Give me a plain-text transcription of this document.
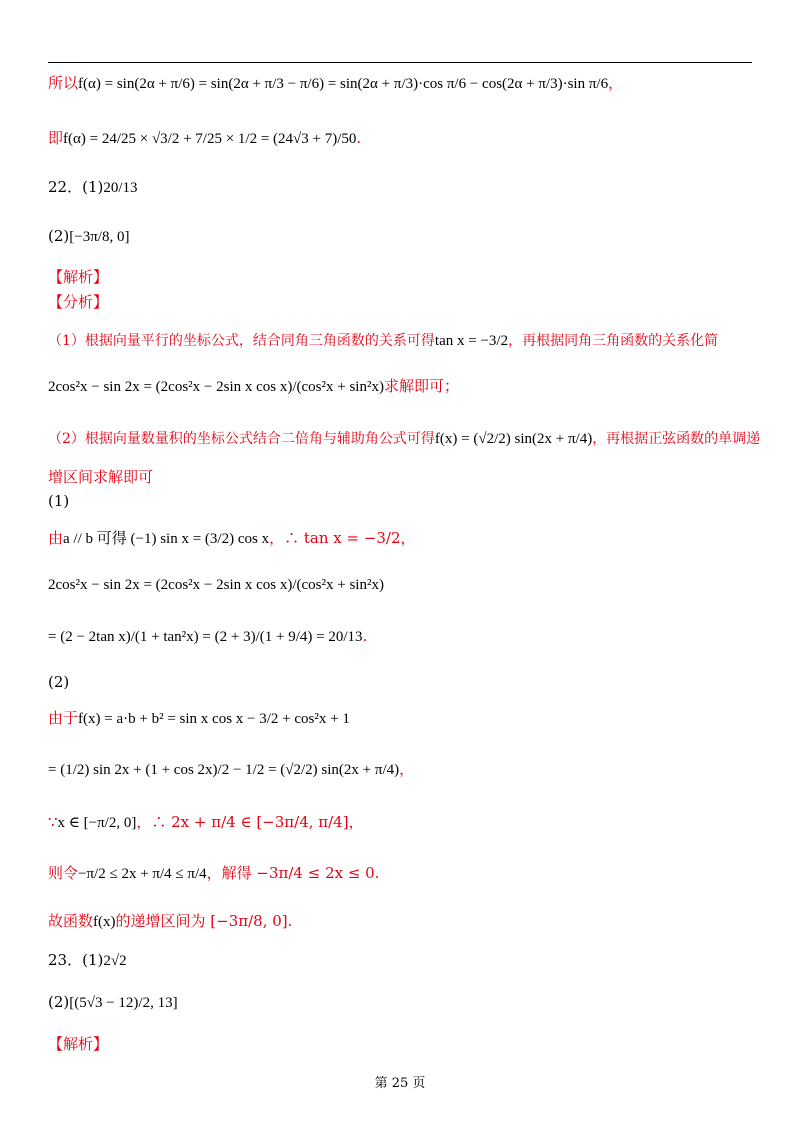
所以f(α) = sin(2α + π/6) = sin(2α + π/3 − π/6) = sin(2α + π/3)·cos π/6 − cos(2α + π/3)·sin π/6，
即f(α) = 24/25 × √3/2 + 7/25 × 1/2 = (24√3 + 7)/50.
22．(1)20/13
(2)[−3π/8, 0]
【解析】
【分析】
（1）根据向量平行的坐标公式，结合同角三角函数的关系可得tan x = −3/2，再根据同角三角函数的关系化简
2cos²x − sin 2x = (2cos²x − 2sin x cos x)/(cos²x + sin²x)求解即可；
（2）根据向量数量积的坐标公式结合二倍角与辅助角公式可得f(x) = (√2/2) sin(2x + π/4)，再根据正弦函数的单调递
增区间求解即可
(1)
由a // b 可得 (−1) sin x = (3/2) cos x，∴ tan x = −3/2，
2cos²x − sin 2x = (2cos²x − 2sin x cos x)/(cos²x + sin²x)
= (2 − 2tan x)/(1 + tan²x) = (2 + 3)/(1 + 9/4) = 20/13.
(2)
由于f(x) = a·b + b² = sin x cos x − 3/2 + cos²x + 1
= (1/2) sin 2x + (1 + cos 2x)/2 − 1/2 = (√2/2) sin(2x + π/4)，
∵x ∈ [−π/2, 0]，∴ 2x + π/4 ∈ [−3π/4, π/4]，
则令−π/2 ≤ 2x + π/4 ≤ π/4，解得 −3π/4 ≤ 2x ≤ 0.
故函数f(x)的递增区间为 [−3π/8, 0].
23．(1)2√2
(2)[(5√3 − 12)/2, 13]
【解析】
第 25 页
